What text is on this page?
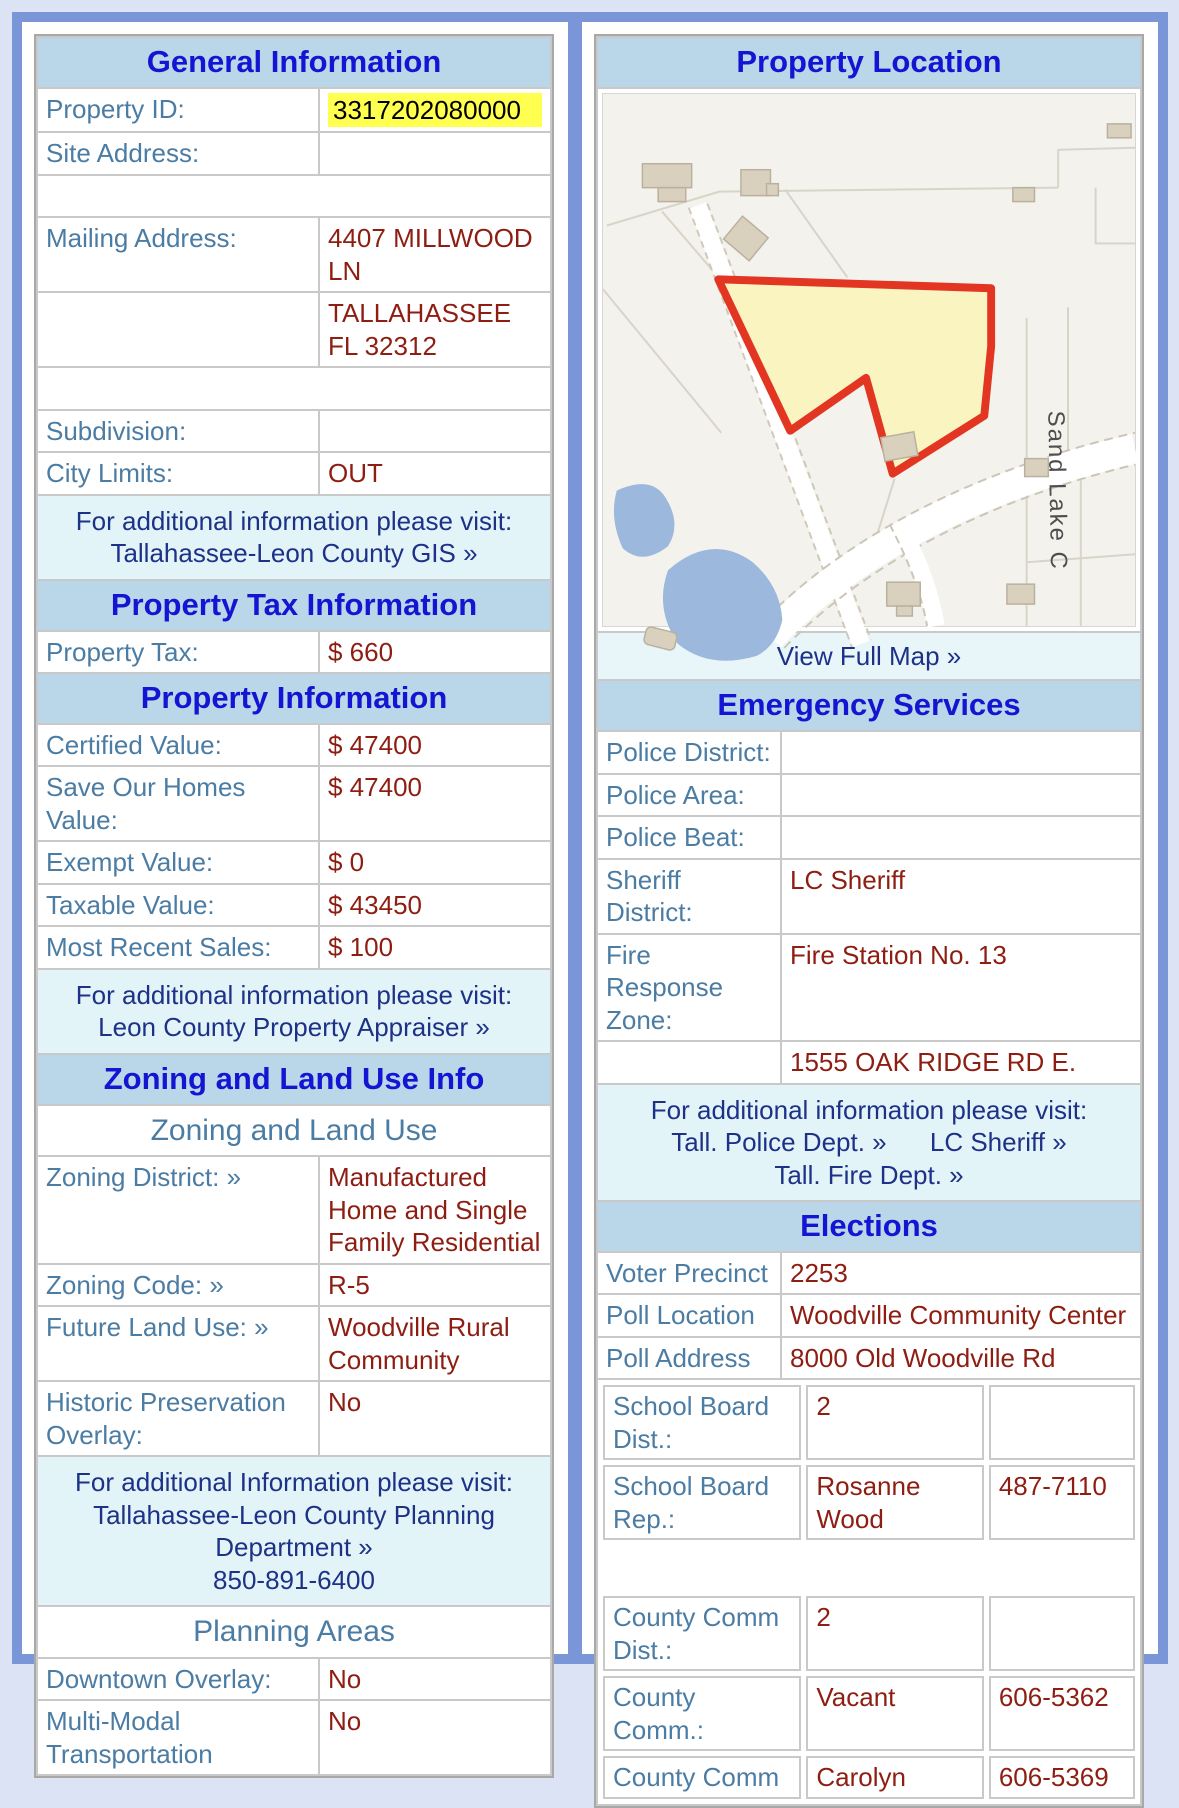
General Information	
Property ID:	3317202080000

Site Address:	

Mailing Address:	4407 MILLWOOD LN
	TALLAHASSEE FL 32312

Subdivision:	
City Limits:	OUT

For additional information please visit:
Tallahassee-Leon County GIS »	
Property Tax Information	
Property Tax:	$ 660
Property Information	
Certified Value:	$ 47400
Save Our Homes Value:	$ 47400
Exempt Value:	$ 0
Taxable Value:	$ 43450
Most Recent Sales:	$ 100

For additional information please visit:
Leon County Property Appraiser »	
Zoning and Land Use Info	
Zoning and Land Use	
Zoning District: »	Manufactured Home and Single Family Residential
Zoning Code: »	R-5
Future Land Use: »	Woodville Rural Community
Historic Preservation Overlay:	No

For additional Information please visit:
Tallahassee-Leon County Planning Department »
850-891-6400	

Planning Areas	
Downtown Overlay:	No
Multi-Modal Transportation	No
Property Location

Sand Lake C

View Full Map »
Emergency Services
Police District:	
Police Area:	
Police Beat:	
Sheriff District:	LC Sheriff
Fire Response Zone:	Fire Station No. 13
	1555 OAK RIDGE RD E.

For additional information please visit:
Tall. Police Dept. » LC Sheriff » Tall. Fire Dept. »
Elections
Voter Precinct	2253
Poll Location	Woodville Community Center
Poll Address	8000 Old Woodville Rd

School Board Dist.:	2	
School Board Rep.:	Rosanne Wood	487-7110

County Comm Dist.:	2	
County Comm.:	Vacant	606-5362
County Comm	Carolyn	606-5369
